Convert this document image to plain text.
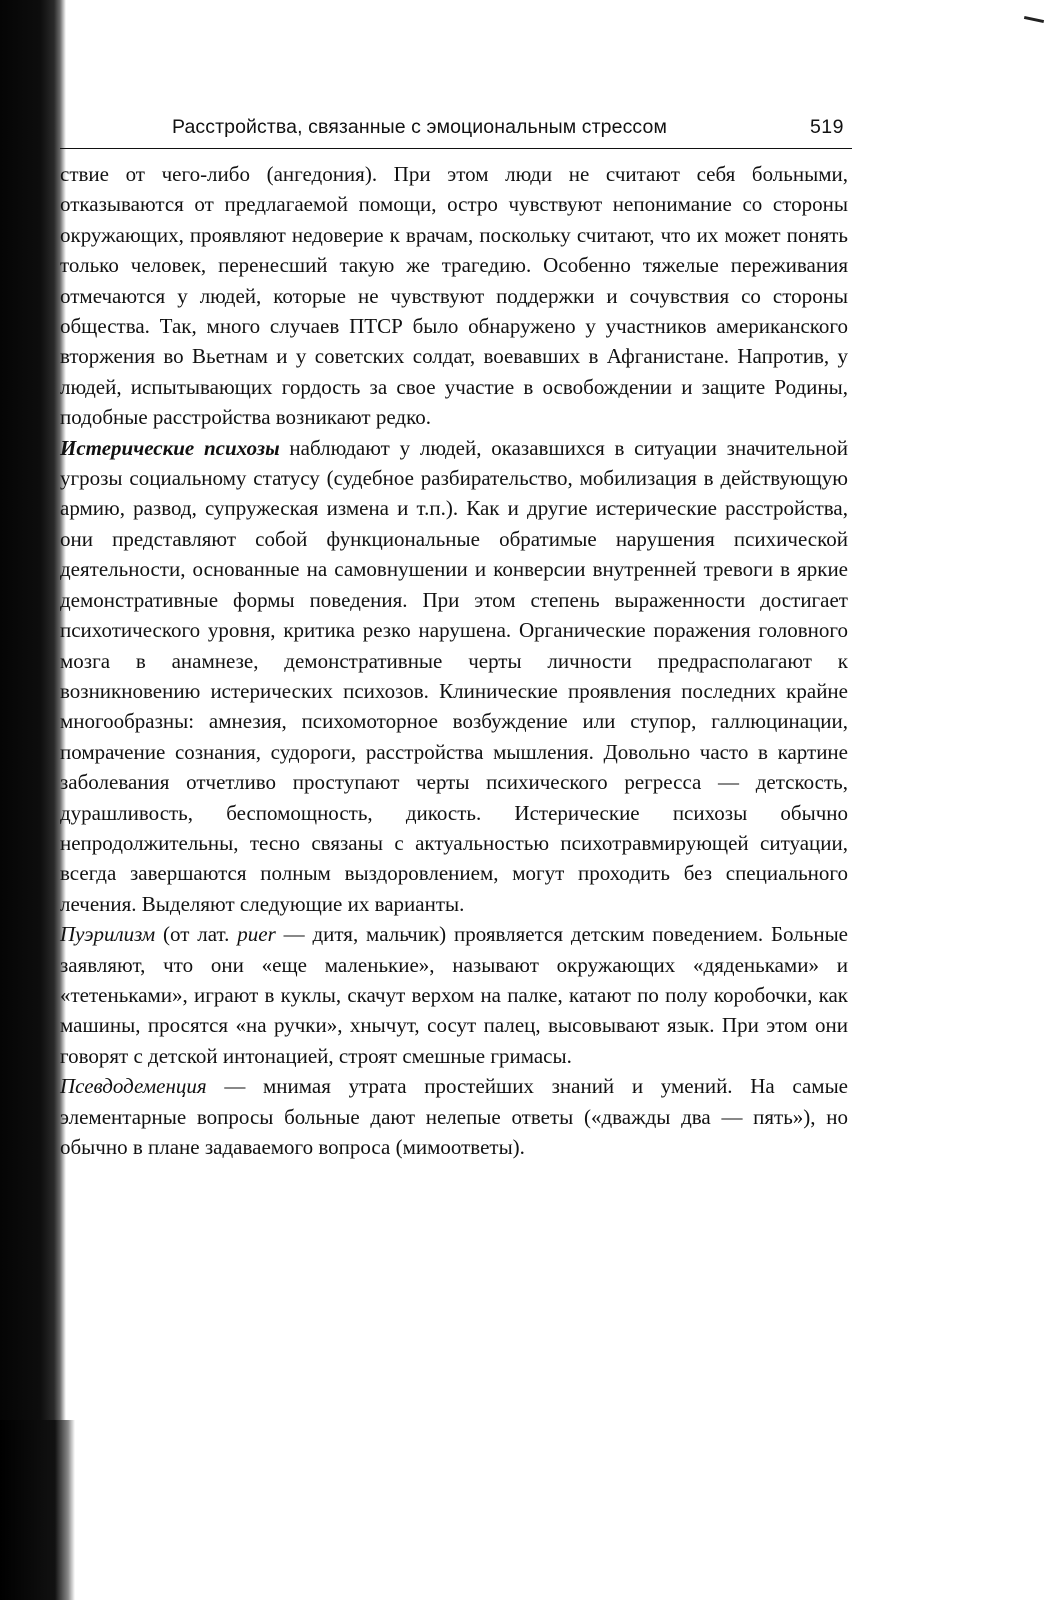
Расстройства, связанные с эмоциональным стрессом	519

ствие от чего-либо (ангедония). При этом люди не считают себя больными, отказываются от предлагаемой помощи, остро чувствуют непонимание со стороны окружающих, проявляют недоверие к врачам, поскольку считают, что их может понять только человек, перенесший такую же трагедию. Особенно тяжелые переживания отмечаются у людей, которые не чувствуют поддержки и сочувствия со стороны общества. Так, много случаев ПТСР было обнаружено у участников американского вторжения во Вьетнам и у советских солдат, воевавших в Афганистане. Напротив, у людей, испытывающих гордость за свое участие в освобождении и защите Родины, подобные расстройства возникают редко.

Истерические психозы наблюдают у людей, оказавшихся в ситуации значительной угрозы социальному статусу (судебное разбирательство, мобилизация в действующую армию, развод, супружеская измена и т.п.). Как и другие истерические расстройства, они представляют собой функциональные обратимые нарушения психической деятельности, основанные на самовнушении и конверсии внутренней тревоги в яркие демонстративные формы поведения. При этом степень выраженности достигает психотического уровня, критика резко нарушена. Органические поражения головного мозга в анамнезе, демонстративные черты личности предрасполагают к возникновению истерических психозов. Клинические проявления последних крайне многообразны: амнезия, психомоторное возбуждение или ступор, галлюцинации, помрачение сознания, судороги, расстройства мышления. Довольно часто в картине заболевания отчетливо проступают черты психического регресса — детскость, дурашливость, беспомощность, дикость. Истерические психозы обычно непродолжительны, тесно связаны с актуальностью психотравмирующей ситуации, всегда завершаются полным выздоровлением, могут проходить без специального лечения. Выделяют следующие их варианты.

Пуэрилизм (от лат. puer — дитя, мальчик) проявляется детским поведением. Больные заявляют, что они «еще маленькие», называют окружающих «дяденьками» и «тетеньками», играют в куклы, скачут верхом на палке, катают по полу коробочки, как машины, просятся «на ручки», хнычут, сосут палец, высовывают язык. При этом они говорят с детской интонацией, строят смешные гримасы.

Псевдодеменция — мнимая утрата простейших знаний и умений. На самые элементарные вопросы больные дают нелепые ответы («дважды два — пять»), но обычно в плане задаваемого вопроса (мимоответы).
